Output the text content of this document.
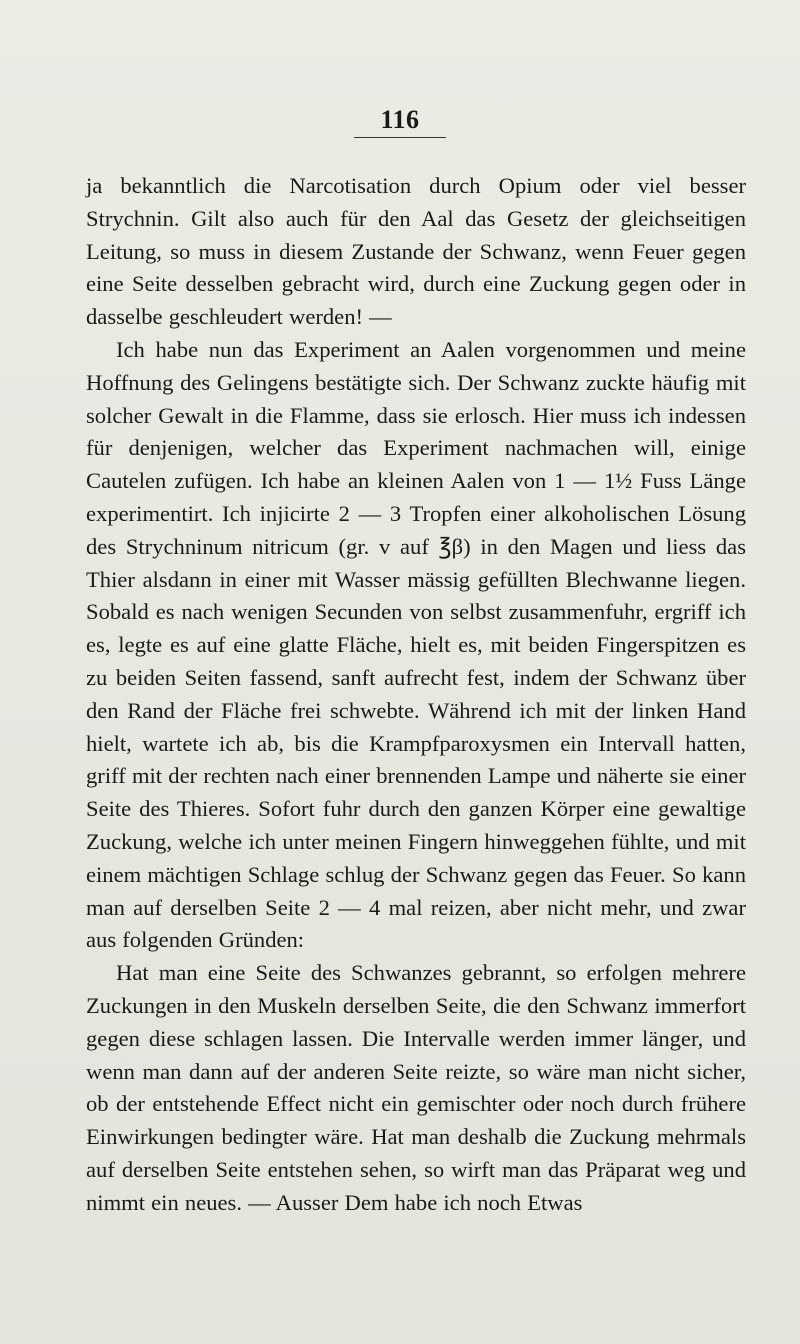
116

ja bekanntlich die Narcotisation durch Opium oder viel besser Strychnin. Gilt also auch für den Aal das Gesetz der gleichseitigen Leitung, so muss in diesem Zustande der Schwanz, wenn Feuer gegen eine Seite desselben gebracht wird, durch eine Zuckung gegen oder in dasselbe geschleudert werden! —

Ich habe nun das Experiment an Aalen vorgenommen und meine Hoffnung des Gelingens bestätigte sich. Der Schwanz zuckte häufig mit solcher Gewalt in die Flamme, dass sie erlosch. Hier muss ich indessen für denjenigen, welcher das Experiment nachmachen will, einige Cautelen zufügen. Ich habe an kleinen Aalen von 1 — 1½ Fuss Länge experimentirt. Ich injicirte 2 — 3 Tropfen einer alkoholischen Lösung des Strychninum nitricum (gr. v auf ℥β) in den Magen und liess das Thier alsdann in einer mit Wasser mässig gefüllten Blechwanne liegen. Sobald es nach wenigen Secunden von selbst zusammenfuhr, ergriff ich es, legte es auf eine glatte Fläche, hielt es, mit beiden Fingerspitzen es zu beiden Seiten fassend, sanft aufrecht fest, indem der Schwanz über den Rand der Fläche frei schwebte. Während ich mit der linken Hand hielt, wartete ich ab, bis die Krampfparoxysmen ein Intervall hatten, griff mit der rechten nach einer brennenden Lampe und näherte sie einer Seite des Thieres. Sofort fuhr durch den ganzen Körper eine gewaltige Zuckung, welche ich unter meinen Fingern hinweggehen fühlte, und mit einem mächtigen Schlage schlug der Schwanz gegen das Feuer. So kann man auf derselben Seite 2 — 4 mal reizen, aber nicht mehr, und zwar aus folgenden Gründen:

Hat man eine Seite des Schwanzes gebrannt, so erfolgen mehrere Zuckungen in den Muskeln derselben Seite, die den Schwanz immerfort gegen diese schlagen lassen. Die Intervalle werden immer länger, und wenn man dann auf der anderen Seite reizte, so wäre man nicht sicher, ob der entstehende Effect nicht ein gemischter oder noch durch frühere Einwirkungen bedingter wäre. Hat man deshalb die Zuckung mehrmals auf derselben Seite entstehen sehen, so wirft man das Präparat weg und nimmt ein neues. — Ausser Dem habe ich noch Etwas
